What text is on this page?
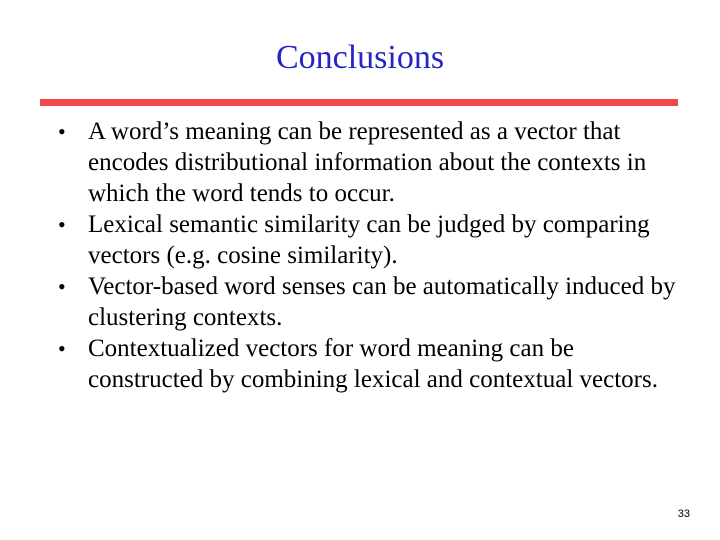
Conclusions
• A word’s meaning can be represented as a vector that encodes distributional information about the contexts in which the word tends to occur.
• Lexical semantic similarity can be judged by comparing vectors (e.g. cosine similarity).
• Vector-based word senses can be automatically induced by clustering contexts.
• Contextualized vectors for word meaning can be constructed by combining lexical and contextual vectors.
33
